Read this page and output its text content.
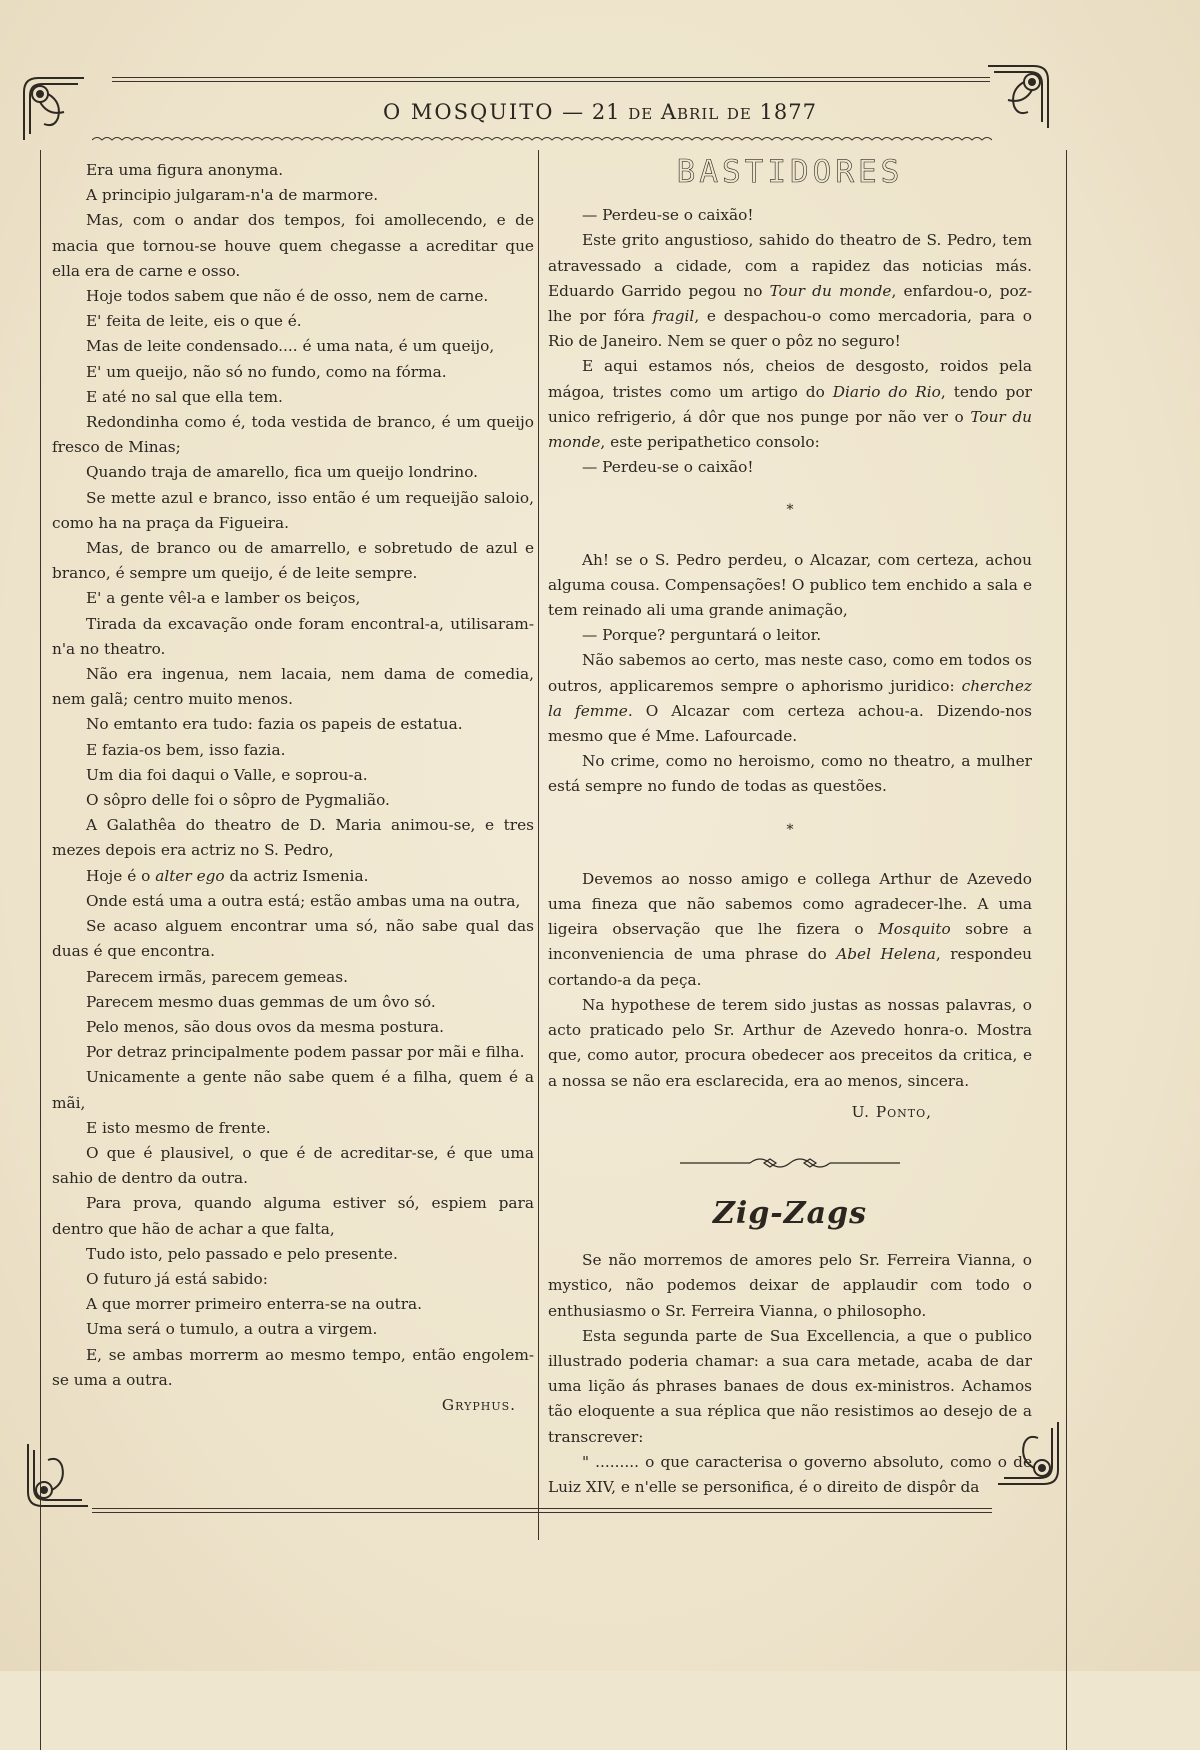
O MOSQUITO — 21 de Abril de 1877

Era uma figura anonyma.

A principio julgaram-n'a de marmore.

Mas, com o andar dos tempos, foi amollecendo, e de macia que tornou-se houve quem chegasse a acreditar que ella era de carne e osso.

Hoje todos sabem que não é de osso, nem de carne.

E' feita de leite, eis o que é.

Mas de leite condensado.... é uma nata, é um queijo,

E' um queijo, não só no fundo, como na fórma.

E até no sal que ella tem.

Redondinha como é, toda vestida de branco, é um queijo fresco de Minas;

Quando traja de amarello, fica um queijo londrino.

Se mette azul e branco, isso então é um requeijão saloio, como ha na praça da Figueira.

Mas, de branco ou de amarrello, e sobretudo de azul e branco, é sempre um queijo, é de leite sempre.

E' a gente vêl-a e lamber os beiços,

Tirada da excavação onde foram encontral-a, utilisaram-n'a no theatro.

Não era ingenua, nem lacaia, nem dama de comedia, nem galã; centro muito menos.

No emtanto era tudo: fazia os papeis de estatua.

E fazia-os bem, isso fazia.

Um dia foi daqui o Valle, e soprou-a.

O sôpro delle foi o sôpro de Pygmalião.

A Galathêa do theatro de D. Maria animou-se, e tres mezes depois era actriz no S. Pedro,

Hoje é o alter ego da actriz Ismenia.

Onde está uma a outra está; estão ambas uma na outra,

Se acaso alguem encontrar uma só, não sabe qual das duas é que encontra.

Parecem irmãs, parecem gemeas.

Parecem mesmo duas gemmas de um ôvo só.

Pelo menos, são dous ovos da mesma postura.

Por detraz principalmente podem passar por mãi e filha.

Unicamente a gente não sabe quem é a filha, quem é a mãi,

E isto mesmo de frente.

O que é plausivel, o que é de acreditar-se, é que uma sahio de dentro da outra.

Para prova, quando alguma estiver só, espiem para dentro que hão de achar a que falta,

Tudo isto, pelo passado e pelo presente.

O futuro já está sabido:

A que morrer primeiro enterra-se na outra.

Uma será o tumulo, a outra a virgem.

E, se ambas morrerm ao mesmo tempo, então engolem-se uma a outra.

Gryphus.

BASTIDORES

— Perdeu-se o caixão!

Este grito angustioso, sahido do theatro de S. Pedro, tem atravessado a cidade, com a rapidez das noticias más. Eduardo Garrido pegou no Tour du monde, enfardou-o, poz-lhe por fóra fragil, e despachou-o como mercadoria, para o Rio de Janeiro. Nem se quer o pôz no seguro!

E aqui estamos nós, cheios de desgosto, roidos pela mágoa, tristes como um artigo do Diario do Rio, tendo por unico refrigerio, á dôr que nos punge por não ver o Tour du monde, este peripathetico consolo:

— Perdeu-se o caixão!

*

Ah! se o S. Pedro perdeu, o Alcazar, com certeza, achou alguma cousa. Compensações! O publico tem enchido a sala e tem reinado ali uma grande animação,

— Porque? perguntará o leitor.

Não sabemos ao certo, mas neste caso, como em todos os outros, applicaremos sempre o aphorismo juridico: cherchez la femme. O Alcazar com certeza achou-a. Dizendo-nos mesmo que é Mme. Lafourcade.

No crime, como no heroismo, como no theatro, a mulher está sempre no fundo de todas as questões.

*

Devemos ao nosso amigo e collega Arthur de Azevedo uma fineza que não sabemos como agradecer-lhe. A uma ligeira observação que lhe fizera o Mosquito sobre a inconveniencia de uma phrase do Abel Helena, respondeu cortando-a da peça.

Na hypothese de terem sido justas as nossas palavras, o acto praticado pelo Sr. Arthur de Azevedo honra-o. Mostra que, como autor, procura obedecer aos preceitos da critica, e a nossa se não era esclarecida, era ao menos, sincera.

U. Ponto,

Zig-Zags

Se não morremos de amores pelo Sr. Ferreira Vianna, o mystico, não podemos deixar de applaudir com todo o enthusiasmo o Sr. Ferreira Vianna, o philosopho.

Esta segunda parte de Sua Excellencia, a que o publico illustrado poderia chamar: a sua cara metade, acaba de dar uma lição ás phrases banaes de dous ex-ministros. Achamos tão eloquente a sua réplica que não resistimos ao desejo de a transcrever:

" ......... o que caracterisa o governo absoluto, como o de Luiz XIV, e n'elle se personifica, é o direito de dispôr da
